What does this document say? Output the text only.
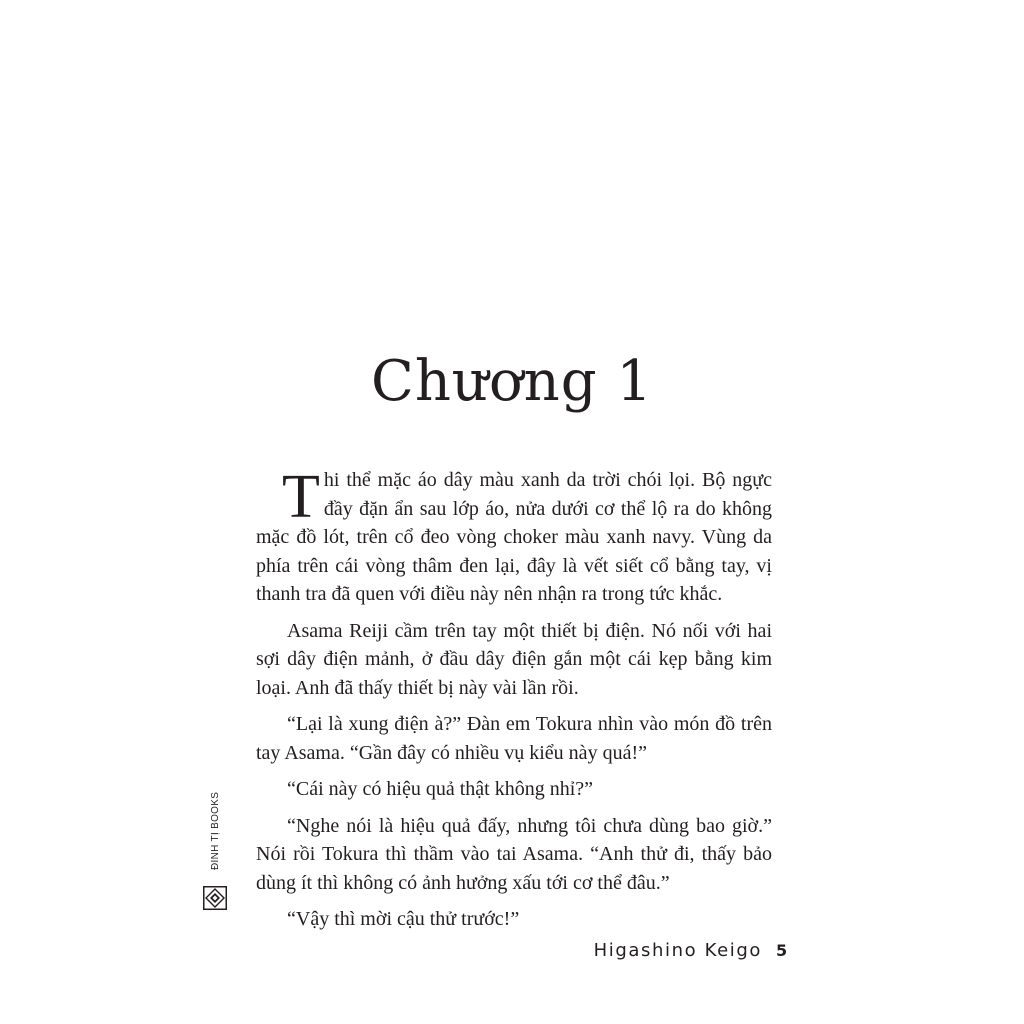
Chương 1

Thi thể mặc áo dây màu xanh da trời chói lọi. Bộ ngực đầy đặn ẩn sau lớp áo, nửa dưới cơ thể lộ ra do không mặc đồ lót, trên cổ đeo vòng choker màu xanh navy. Vùng da phía trên cái vòng thâm đen lại, đây là vết siết cổ bằng tay, vị thanh tra đã quen với điều này nên nhận ra trong tức khắc.

Asama Reiji cầm trên tay một thiết bị điện. Nó nối với hai sợi dây điện mảnh, ở đầu dây điện gắn một cái kẹp bằng kim loại. Anh đã thấy thiết bị này vài lần rồi.

“Lại là xung điện à?” Đàn em Tokura nhìn vào món đồ trên tay Asama. “Gần đây có nhiều vụ kiểu này quá!”

“Cái này có hiệu quả thật không nhỉ?”

“Nghe nói là hiệu quả đấy, nhưng tôi chưa dùng bao giờ.” Nói rồi Tokura thì thầm vào tai Asama. “Anh thử đi, thấy bảo dùng ít thì không có ảnh hưởng xấu tới cơ thể đâu.”

“Vậy thì mời cậu thử trước!”

ĐINH TỊ BOOKS
Higashino Keigo 5
